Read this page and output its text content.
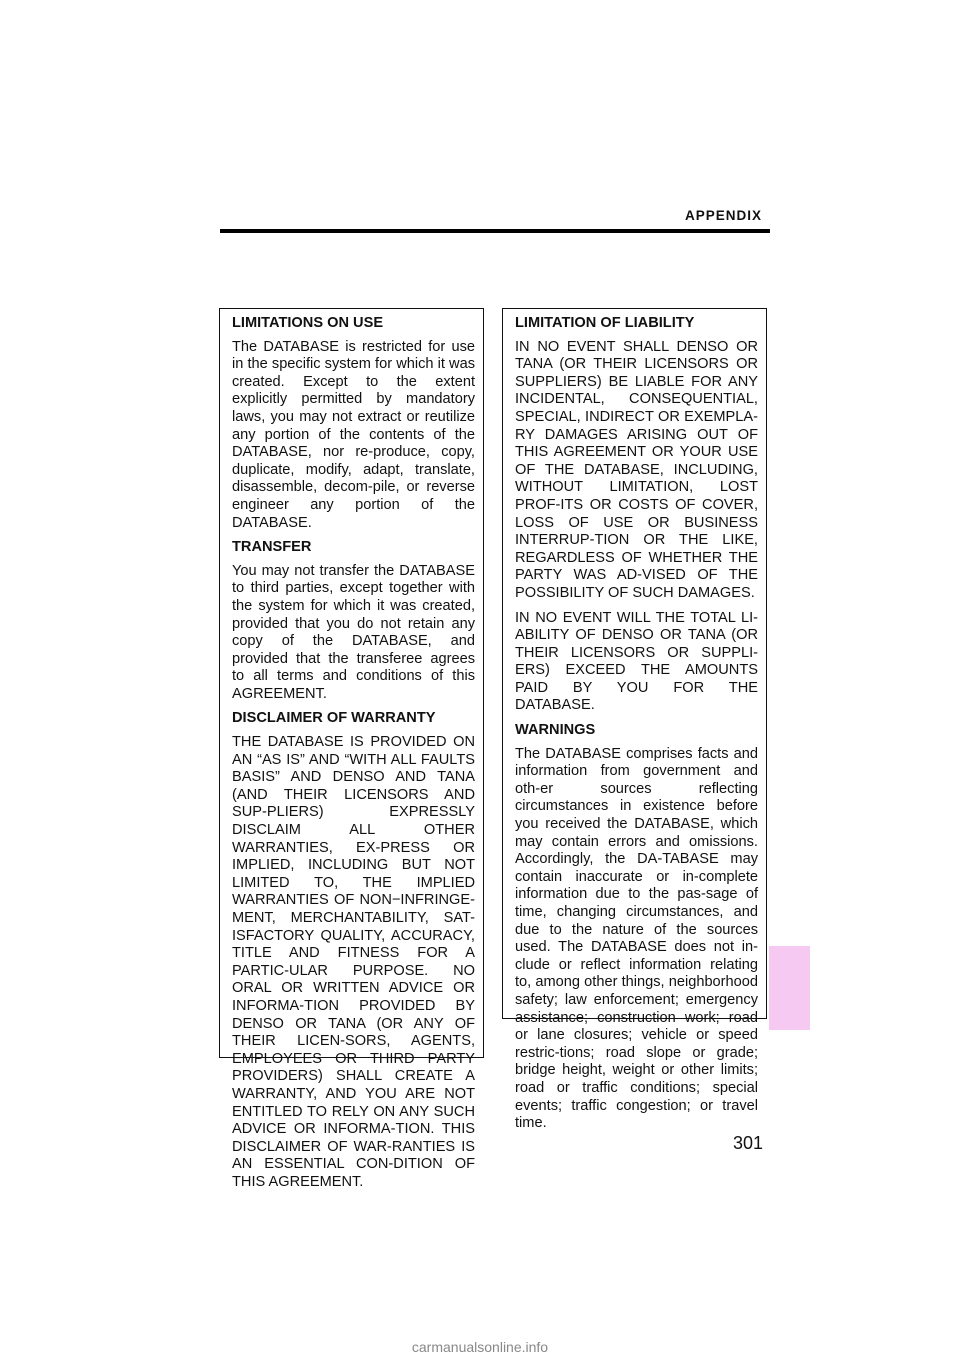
APPENDIX
LIMITATIONS ON USE
The DATABASE is restricted for use in the specific system for which it was created. Except to the extent explicitly permitted by mandatory laws, you may not extract or reutilize any portion of the contents of the DATABASE, nor re-produce, copy, duplicate, modify, adapt, translate, disassemble, decom-pile, or reverse engineer any portion of the DATABASE.
TRANSFER
You may not transfer the DATABASE to third parties, except together with the system for which it was created, provided that you do not retain any copy of the DATABASE, and provided that the transferee agrees to all terms and conditions of this AGREEMENT.
DISCLAIMER OF WARRANTY
THE DATABASE IS PROVIDED ON AN “AS IS” AND “WITH ALL FAULTS BASIS” AND DENSO AND TANA (AND THEIR LICENSORS AND SUP-PLIERS) EXPRESSLY DISCLAIM ALL OTHER WARRANTIES, EX-PRESS OR IMPLIED, INCLUDING BUT NOT LIMITED TO, THE IMPLIED WARRANTIES OF NON−INFRINGE-MENT, MERCHANTABILITY, SAT-ISFACTORY QUALITY, ACCURACY, TITLE AND FITNESS FOR A PARTIC-ULAR PURPOSE. NO ORAL OR WRITTEN ADVICE OR INFORMA-TION PROVIDED BY DENSO OR TANA (OR ANY OF THEIR LICEN-SORS, AGENTS, EMPLOYEES OR THIRD PARTY PROVIDERS) SHALL CREATE A WARRANTY, AND YOU ARE NOT ENTITLED TO RELY ON ANY SUCH ADVICE OR INFORMA-TION. THIS DISCLAIMER OF WAR-RANTIES IS AN ESSENTIAL CON-DITION OF THIS AGREEMENT.
LIMITATION OF LIABILITY
IN NO EVENT SHALL DENSO OR TANA (OR THEIR LICENSORS OR SUPPLIERS) BE LIABLE FOR ANY INCIDENTAL, CONSEQUENTIAL, SPECIAL, INDIRECT OR EXEMPLA-RY DAMAGES ARISING OUT OF THIS AGREEMENT OR YOUR USE OF THE DATABASE, INCLUDING, WITHOUT LIMITATION, LOST PROF-ITS OR COSTS OF COVER, LOSS OF USE OR BUSINESS INTERRUP-TION OR THE LIKE, REGARDLESS OF WHETHER THE PARTY WAS AD-VISED OF THE POSSIBILITY OF SUCH DAMAGES.
IN NO EVENT WILL THE TOTAL LI-ABILITY OF DENSO OR TANA (OR THEIR LICENSORS OR SUPPLI-ERS) EXCEED THE AMOUNTS PAID BY YOU FOR THE DATABASE.
WARNINGS
The DATABASE comprises facts and information from government and oth-er sources reflecting circumstances in existence before you received the DATABASE, which may contain errors and omissions. Accordingly, the DA-TABASE may contain inaccurate or in-complete information due to the pas-sage of time, changing circumstances, and due to the nature of the sources used. The DATABASE does not in-clude or reflect information relating to, among other things, neighborhood safety; law enforcement; emergency assistance; construction work; road or lane closures; vehicle or speed restric-tions; road slope or grade; bridge height, weight or other limits; road or traffic conditions; special events; traffic congestion; or travel time.
301
carmanualsonline.info
